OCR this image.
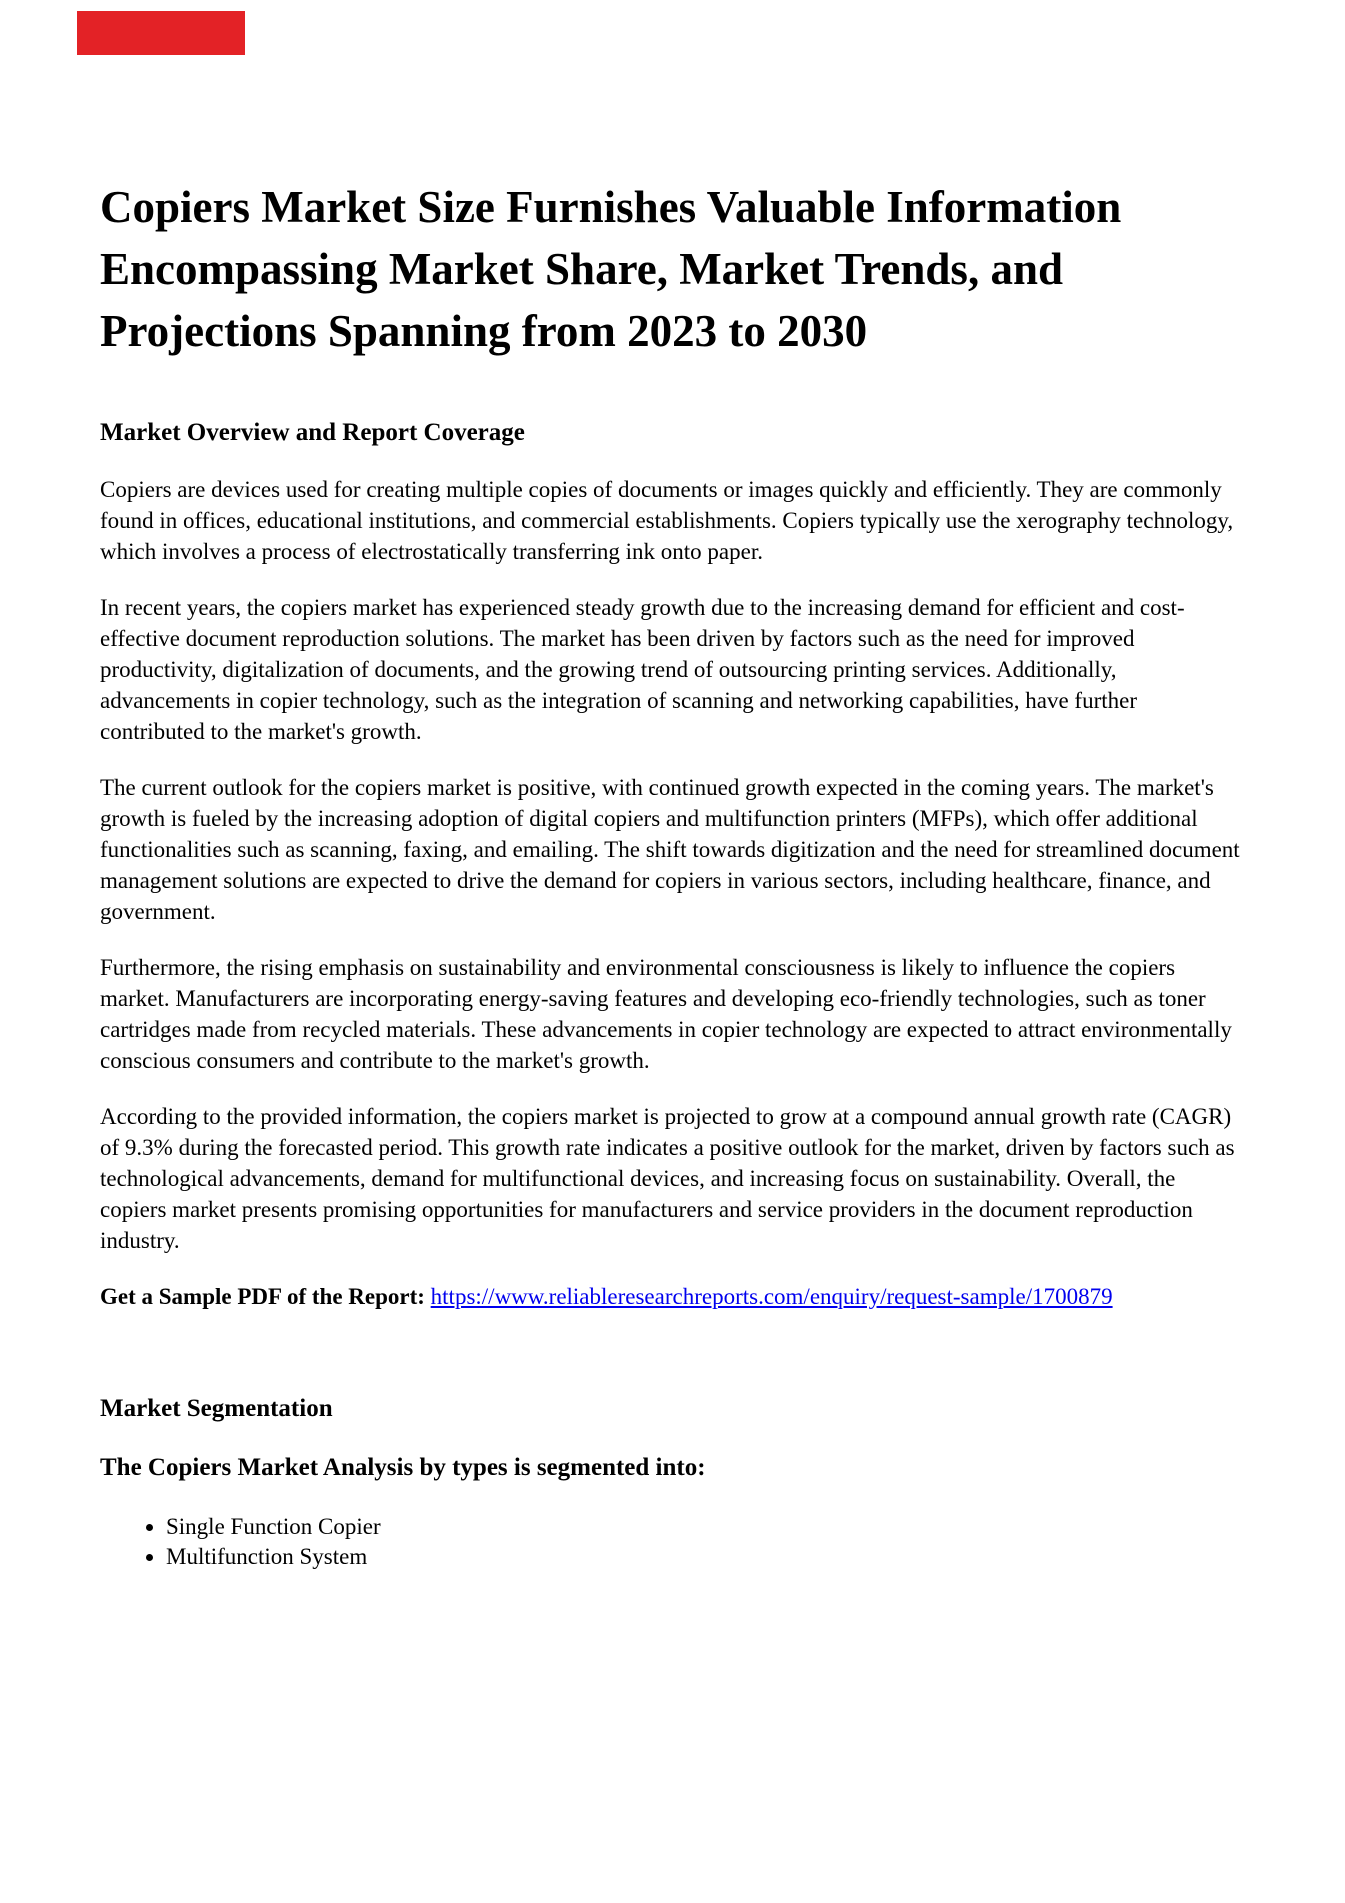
Copiers Market Size Furnishes Valuable Information Encompassing Market Share, Market Trends, and Projections Spanning from 2023 to 2030
Market Overview and Report Coverage

Copiers are devices used for creating multiple copies of documents or images quickly and efficiently. They are commonly found in offices, educational institutions, and commercial establishments. Copiers typically use the xerography technology, which involves a process of electrostatically transferring ink onto paper.

In recent years, the copiers market has experienced steady growth due to the increasing demand for efficient and cost-effective document reproduction solutions. The market has been driven by factors such as the need for improved productivity, digitalization of documents, and the growing trend of outsourcing printing services. Additionally, advancements in copier technology, such as the integration of scanning and networking capabilities, have further contributed to the market's growth.

The current outlook for the copiers market is positive, with continued growth expected in the coming years. The market's growth is fueled by the increasing adoption of digital copiers and multifunction printers (MFPs), which offer additional functionalities such as scanning, faxing, and emailing. The shift towards digitization and the need for streamlined document management solutions are expected to drive the demand for copiers in various sectors, including healthcare, finance, and government.

Furthermore, the rising emphasis on sustainability and environmental consciousness is likely to influence the copiers market. Manufacturers are incorporating energy-saving features and developing eco-friendly technologies, such as toner cartridges made from recycled materials. These advancements in copier technology are expected to attract environmentally conscious consumers and contribute to the market's growth.

According to the provided information, the copiers market is projected to grow at a compound annual growth rate (CAGR) of 9.3% during the forecasted period. This growth rate indicates a positive outlook for the market, driven by factors such as technological advancements, demand for multifunctional devices, and increasing focus on sustainability. Overall, the copiers market presents promising opportunities for manufacturers and service providers in the document reproduction industry.

Get a Sample PDF of the Report: https://www.reliableresearchreports.com/enquiry/request-sample/1700879

Market Segmentation
The Copiers Market Analysis by types is segmented into:
• Single Function Copier
• Multifunction System
